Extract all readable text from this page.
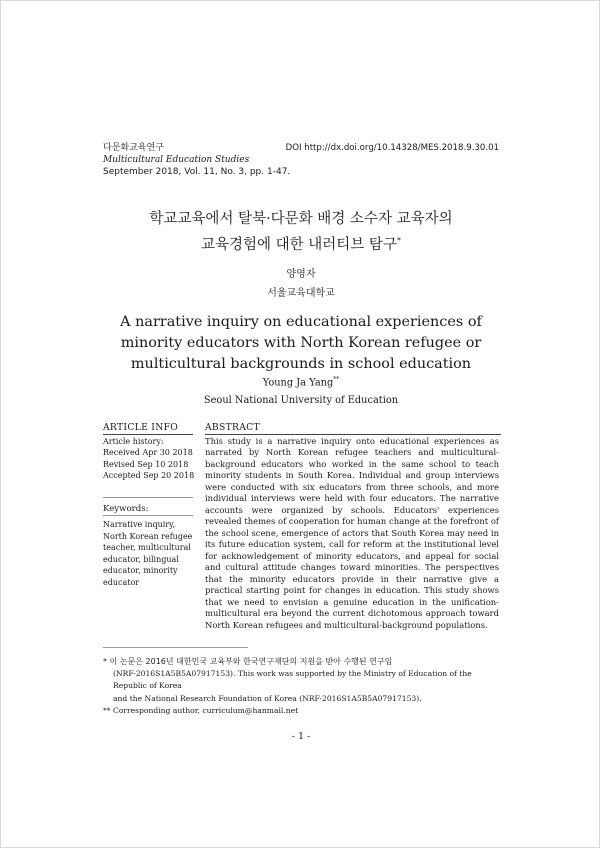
다문화교육연구
Multicultural Education Studies
September 2018, Vol. 11, No. 3, pp. 1-47.
DOI http://dx.doi.org/10.14328/MES.2018.9.30.01
학교교육에서 탈북·다문화 배경 소수자 교육자의
교육경험에 대한 내러티브 탐구*
양영자
서울교육대학교
A narrative inquiry on educational experiences of
minority educators with North Korean refugee or
multicultural backgrounds in school education
Young Ja Yang**
Seoul National University of Education
ARTICLE INFO	ABSTRACT
Article history:
Received Apr 30 2018
Revised Sep 10 2018
Accepted Sep 20 2018
Keywords:
Narrative inquiry, North Korean refugee teacher, multicultural educator, bilingual educator, minority educator
This study is a narrative inquiry onto educational experiences as narrated by North Korean refugee teachers and multicultural-background educators who worked in the same school to teach minority students in South Korea. Individual and group interviews were conducted with six educators from three schools, and more individual interviews were held with four educators. The narrative accounts were organized by schools. Educators' experiences revealed themes of cooperation for human change at the forefront of the school scene, emergence of actors that South Korea may need in its future education system, call for reform at the institutional level for acknowledgement of minority educators, and appeal for social and cultural attitude changes toward minorities. The perspectives that the minority educators provide in their narrative give a practical starting point for changes in education. This study shows that we need to envision a genuine education in the unification-multicultural era beyond the current dichotomous approach toward North Korean refugees and multicultural-background populations.
* 이 논문은 2016년 대한민국 교육부와 한국연구재단의 지원을 받아 수행된 연구임
(NRF-2016S1A5B5A07917153). This work was supported by the Ministry of Education of the Republic of Korea
and the National Research Foundation of Korea (NRF-2016S1A5B5A07917153).
** Corresponding author, curriculum@hanmail.net
- 1 -
